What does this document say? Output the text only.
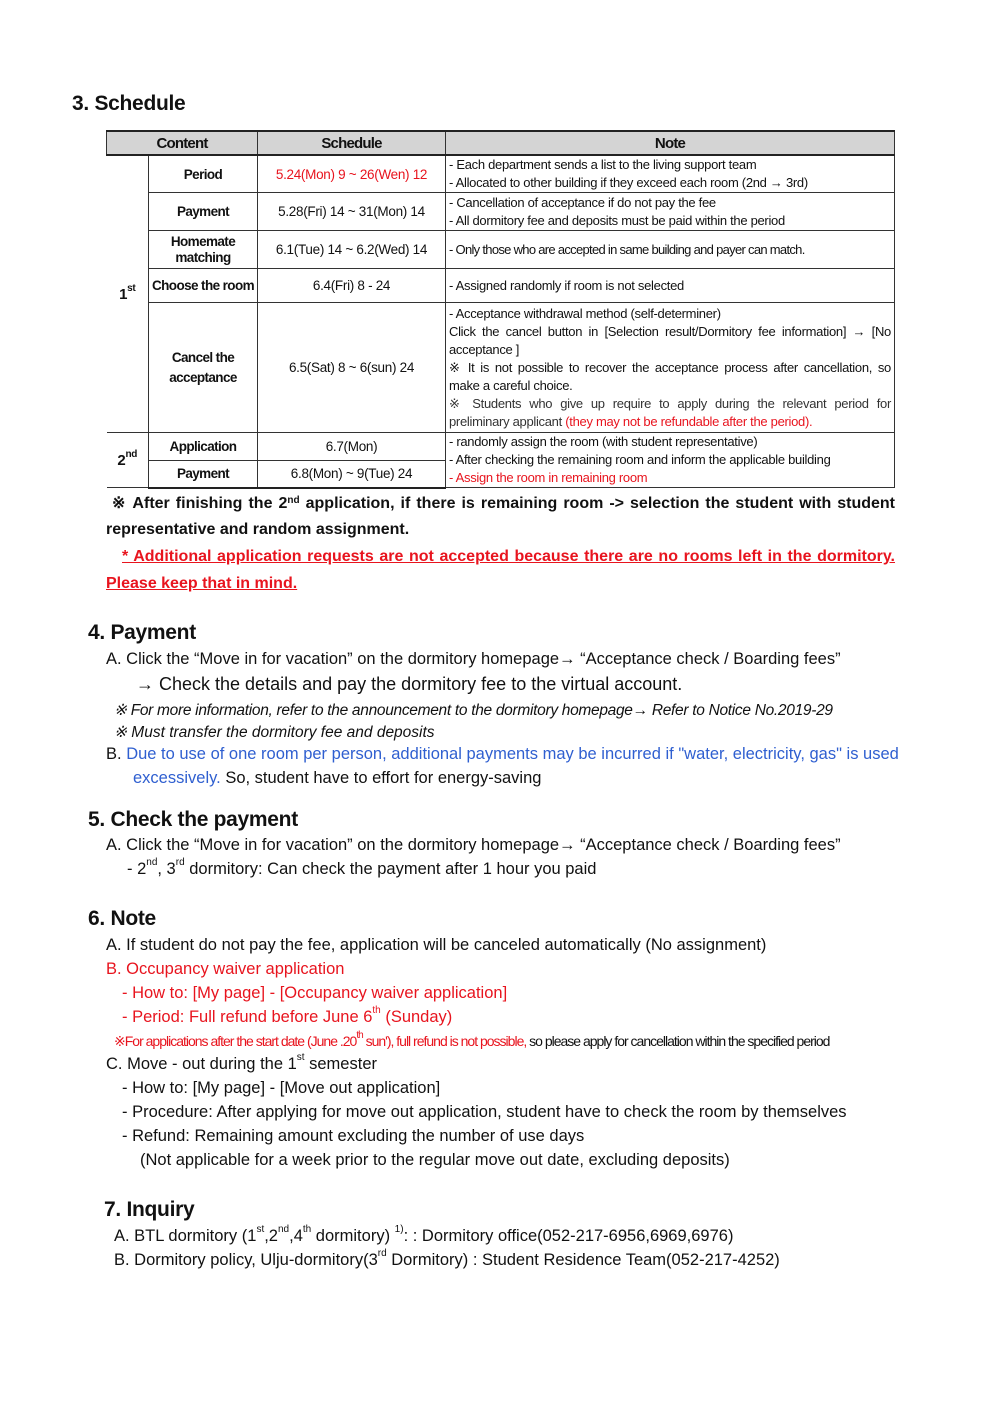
3. Schedule
Content		Schedule	Note
1st	Period	5.24(Mon) 9 ~ 26(Wen) 12	- Each department sends a list to the living support team
- Allocated to other building if they exceed each room (2nd → 3rd)

	Payment	5.28(Fri) 14 ~ 31(Mon) 14	- Cancellation of acceptance if do not pay the fee
- All dormitory fee and deposits must be paid within the period

	Homemate matching	6.1(Tue) 14 ~ 6.2(Wed) 14	- Only those who are accepted in same building and payer can match.

	Choose the room	6.4(Fri) 8 - 24	- Assigned randomly if room is not selected

	Cancel the acceptance	6.5(Sat) 8 ~ 6(sun) 24	- Acceptance withdrawal method (self-determiner)
Click the cancel button in [Selection result/Dormitory fee information] → [No acceptance ]
※ It is not possible to recover the acceptance process after cancellation, so make a careful choice.
※ Students who give up require to apply during the relevant period for preliminary applicant (they may not be refundable after the period).

2nd	Application	6.7(Mon)	- randomly assign the room (with student representative)
- After checking the remaining room and inform the applicable building
- Assign the room in remaining room

	Payment	6.8(Mon) ~ 9(Tue) 24	
※ After finishing the 2nd application, if there is remaining room -> selection the student with student representative and random assignment.
* Additional application requests are not accepted because there are no rooms left in the dormitory. Please keep that in mind.
4. Payment
A. Click the “Move in for vacation” on the dormitory homepage→ “Acceptance check / Boarding fees”
→ Check the details and pay the dormitory fee to the virtual account.
※ For more information, refer to the announcement to the dormitory homepage→ Refer to Notice No.2019-29
※ Must transfer the dormitory fee and deposits
B. Due to use of one room per person, additional payments may be incurred if "water, electricity, gas" is used
excessively. So, student have to effort for energy-saving
5. Check the payment
A. Click the “Move in for vacation” on the dormitory homepage→ “Acceptance check / Boarding fees”
- 2nd, 3rd dormitory: Can check the payment after 1 hour you paid
6. Note
A. If student do not pay the fee, application will be canceled automatically (No assignment)
B. Occupancy waiver application
- How to: [My page] - [Occupancy waiver application]
- Period: Full refund before June 6th (Sunday)
※For applications after the start date (June .20th sun'), full refund is not possible, so please apply for cancellation within the specified period
C. Move - out during the 1st semester
- How to: [My page] - [Move out application]
- Procedure: After applying for move out application, student have to check the room by themselves
- Refund: Remaining amount excluding the number of use days
(Not applicable for a week prior to the regular move out date, excluding deposits)
7. Inquiry
A. BTL dormitory (1st,2nd,4th dormitory) $^{1)}$: : Dormitory office(052-217-6956,6969,6976)
B. Dormitory policy, Ulju-dormitory(3rd Dormitory) : Student Residence Team(052-217-4252)
